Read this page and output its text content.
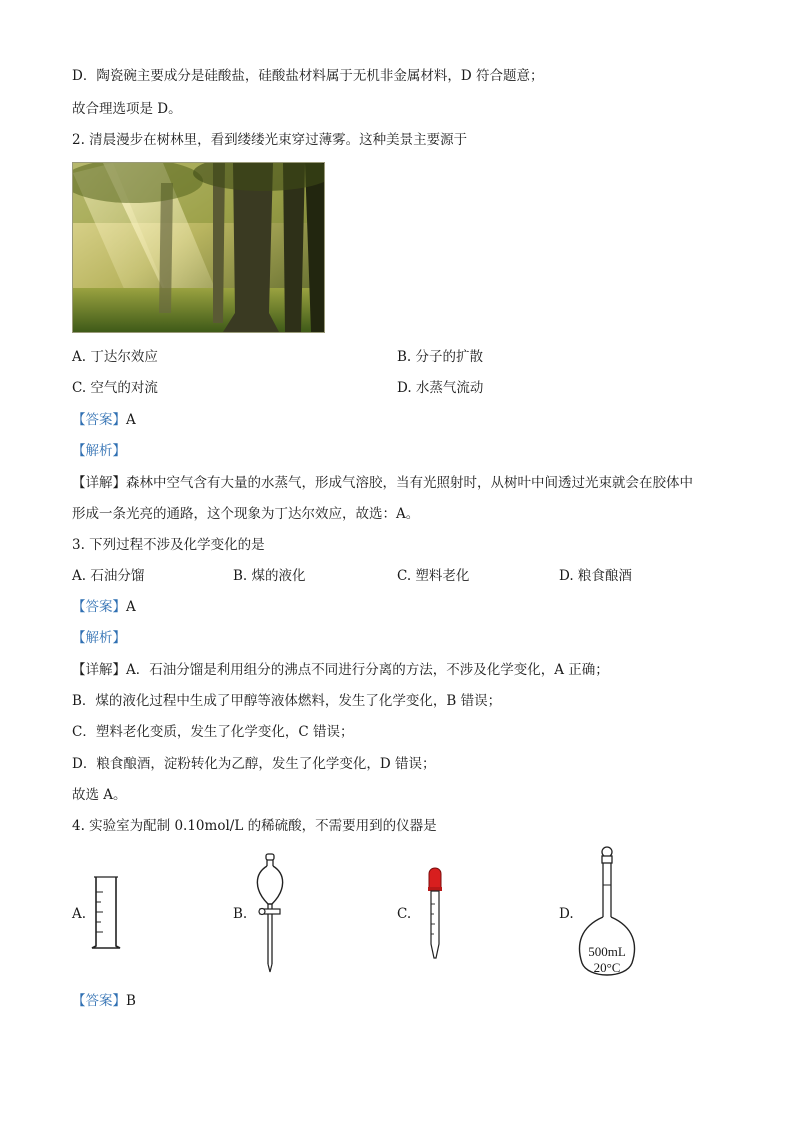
D．陶瓷碗主要成分是硅酸盐，硅酸盐材料属于无机非金属材料，D 符合题意；
故合理选项是 D。
2. 清晨漫步在树林里，看到缕缕光束穿过薄雾。这种美景主要源于
A. 丁达尔效应	B. 分子的扩散
C. 空气的对流	D. 水蒸气流动
【答案】A
【解析】
【详解】森林中空气含有大量的水蒸气，形成气溶胶，当有光照射时，从树叶中间透过光束就会在胶体中
形成一条光亮的通路，这个现象为丁达尔效应，故选：A。
3. 下列过程不涉及化学变化的是
A. 石油分馏	B. 煤的液化	C. 塑料老化	D. 粮食酿酒
【答案】A
【解析】
【详解】A．石油分馏是利用组分的沸点不同进行分离的方法，不涉及化学变化，A 正确；
B．煤的液化过程中生成了甲醇等液体燃料，发生了化学变化，B 错误；
C．塑料老化变质，发生了化学变化，C 错误；
D．粮食酿酒，淀粉转化为乙醇，发生了化学变化，D 错误；
故选 A。
4. 实验室为配制 0.10mol/L 的稀硫酸，不需要用到的仪器是
A.	B.	C.	D.
500mL
20°C
【答案】B
